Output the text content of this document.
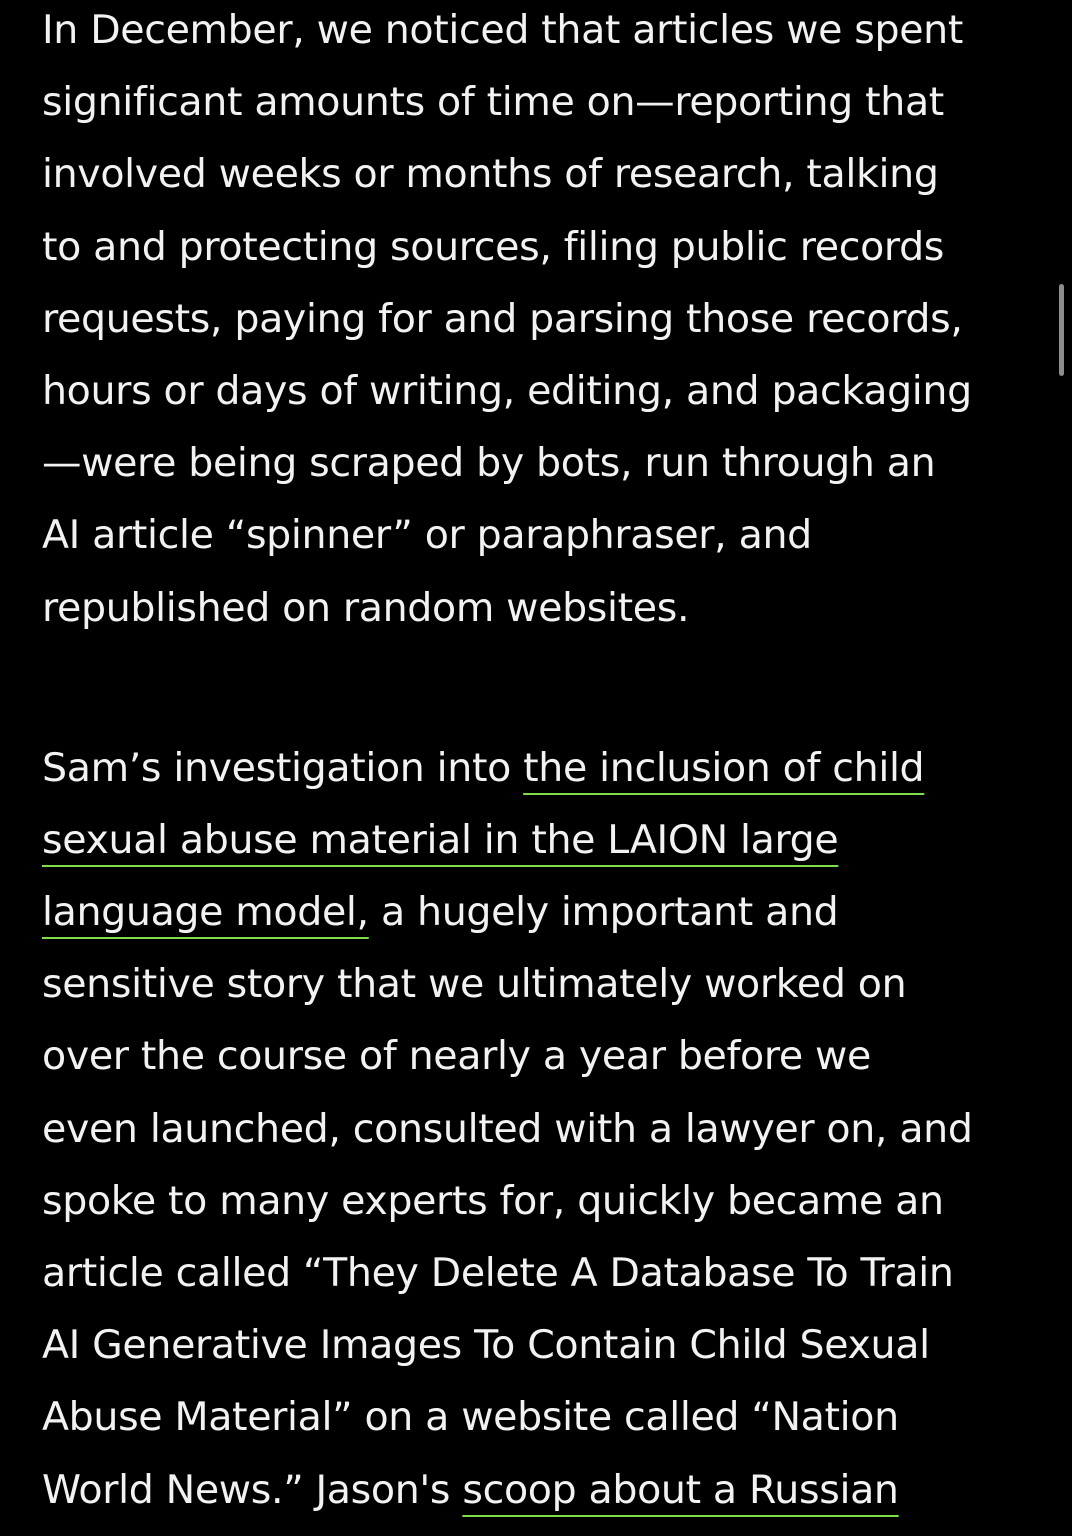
In December, we noticed that articles we spent
significant amounts of time on—reporting that
involved weeks or months of research, talking
to and protecting sources, filing public records
requests, paying for and parsing those records,
hours or days of writing, editing, and packaging
—were being scraped by bots, run through an
AI article “spinner” or paraphraser, and
republished on random websites.
Sam’s investigation into the inclusion of child
sexual abuse material in the LAION large
language model, a hugely important and
sensitive story that we ultimately worked on
over the course of nearly a year before we
even launched, consulted with a lawyer on, and
spoke to many experts for, quickly became an
article called “They Delete A Database To Train
AI Generative Images To Contain Child Sexual
Abuse Material” on a website called “Nation
World News.” Jason's scoop about a Russian
